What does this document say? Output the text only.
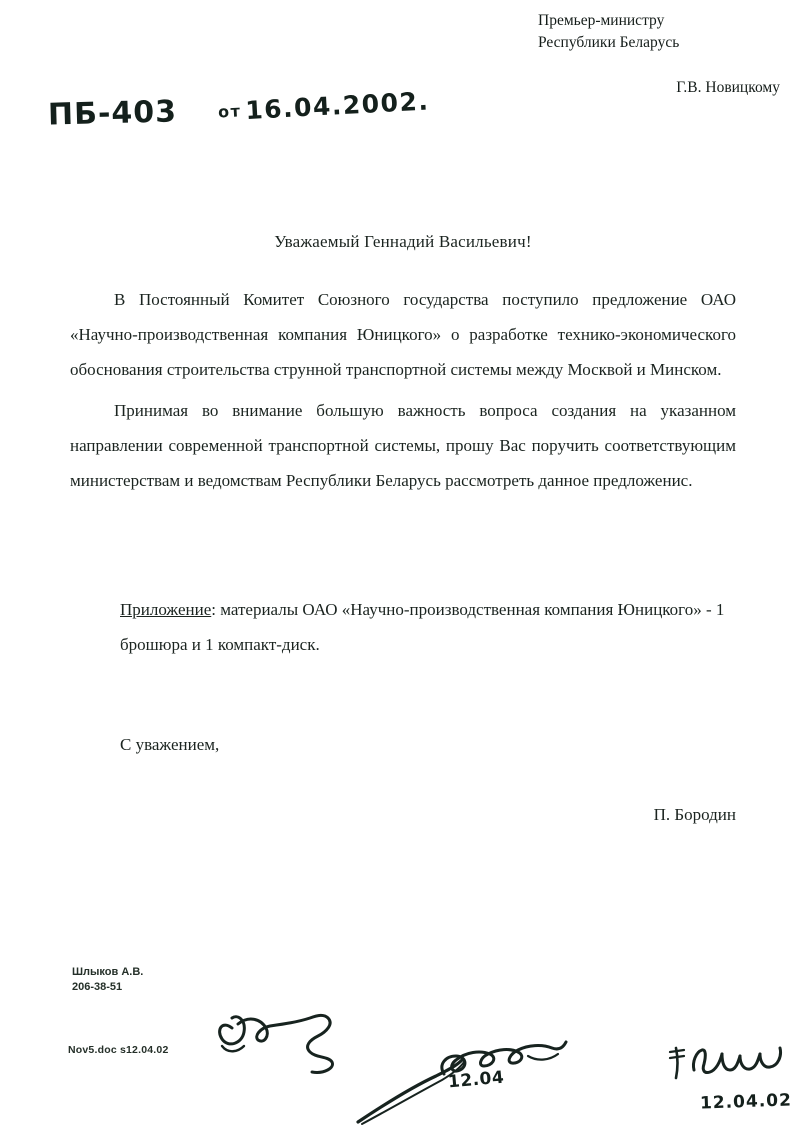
Премьер-министру
Республики Беларусь
Г.В. Новицкому
ПБ-403	от 16.04.2002.
Уважаемый Геннадий Васильевич!

В Постоянный Комитет Союзного государства поступило предложение ОАО «Научно-производственная компания Юницкого» о разработке технико-экономического обоснования строительства струнной транспортной системы между Москвой и Минском.

Принимая во внимание большую важность вопроса создания на указанном направлении современной транспортной системы, прошу Вас поручить соответствующим министерствам и ведомствам Республики Беларусь рассмотреть данное предложенис.

Приложение: материалы ОАО «Научно-производственная компания Юницкого» - 1 брошюра и 1 компакт-диск.
С уважением,
П. Бородин
Шлыков А.В.
206-38-51
Nov5.doc s12.04.02
12.04
12.04.02
